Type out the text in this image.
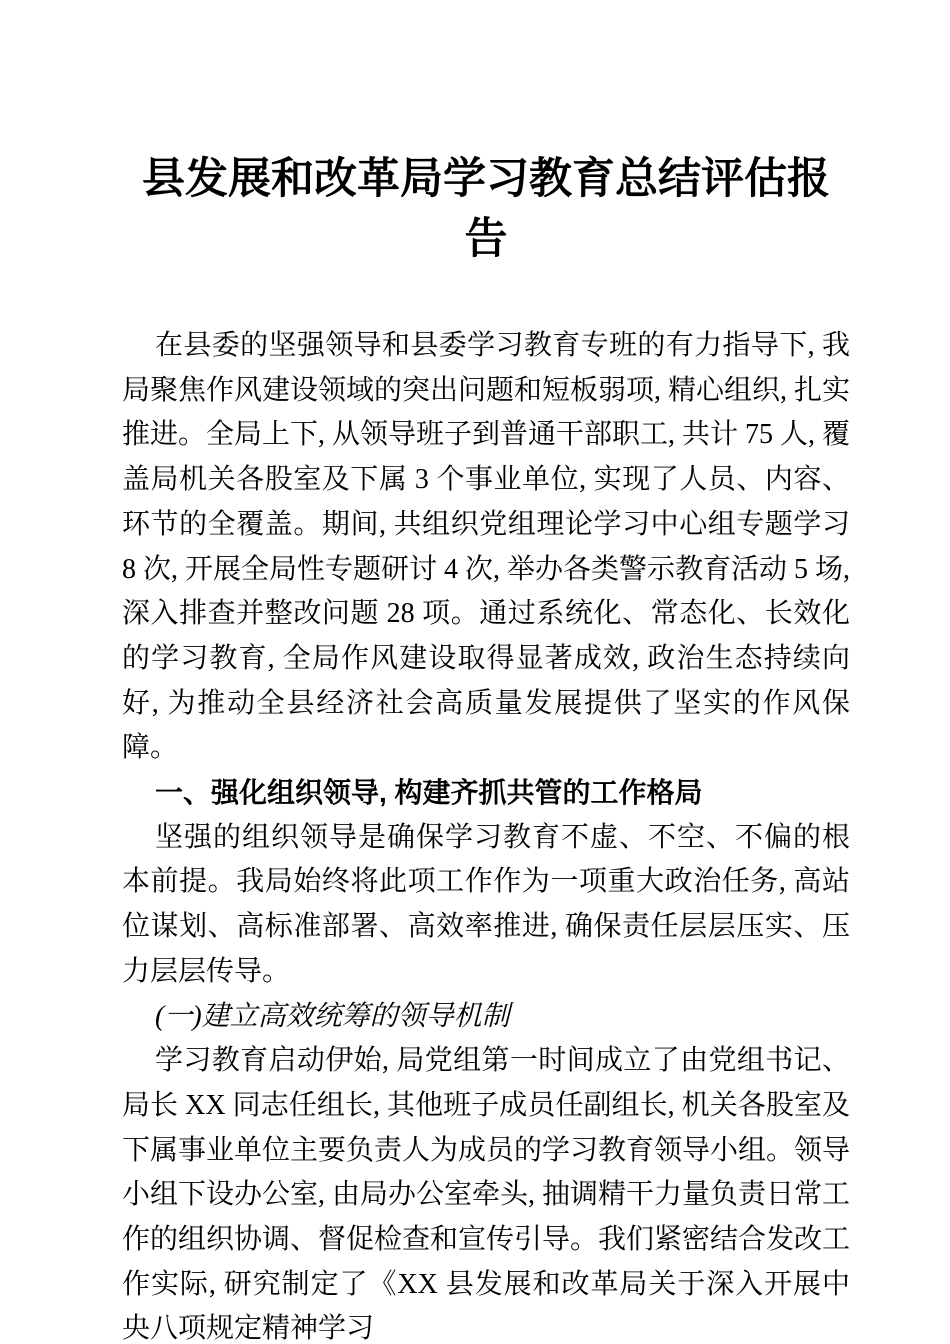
县发展和改革局学习教育总结评估报告

在县委的坚强领导和县委学习教育专班的有力指导下, 我局聚焦作风建设领域的突出问题和短板弱项, 精心组织, 扎实推进。全局上下, 从领导班子到普通干部职工, 共计 75 人, 覆盖局机关各股室及下属 3 个事业单位, 实现了人员、内容、环节的全覆盖。期间, 共组织党组理论学习中心组专题学习 8 次, 开展全局性专题研讨 4 次, 举办各类警示教育活动 5 场, 深入排查并整改问题 28 项。通过系统化、常态化、长效化的学习教育, 全局作风建设取得显著成效, 政治生态持续向好, 为推动全县经济社会高质量发展提供了坚实的作风保障。

一、强化组织领导, 构建齐抓共管的工作格局

坚强的组织领导是确保学习教育不虚、不空、不偏的根本前提。我局始终将此项工作作为一项重大政治任务, 高站位谋划、高标准部署、高效率推进, 确保责任层层压实、压力层层传导。

(一)建立高效统筹的领导机制

学习教育启动伊始, 局党组第一时间成立了由党组书记、局长 XX 同志任组长, 其他班子成员任副组长, 机关各股室及下属事业单位主要负责人为成员的学习教育领导小组。领导小组下设办公室, 由局办公室牵头, 抽调精干力量负责日常工作的组织协调、督促检查和宣传引导。我们紧密结合发改工作实际, 研究制定了《XX 县发展和改革局关于深入开展中央八项规定精神学习
